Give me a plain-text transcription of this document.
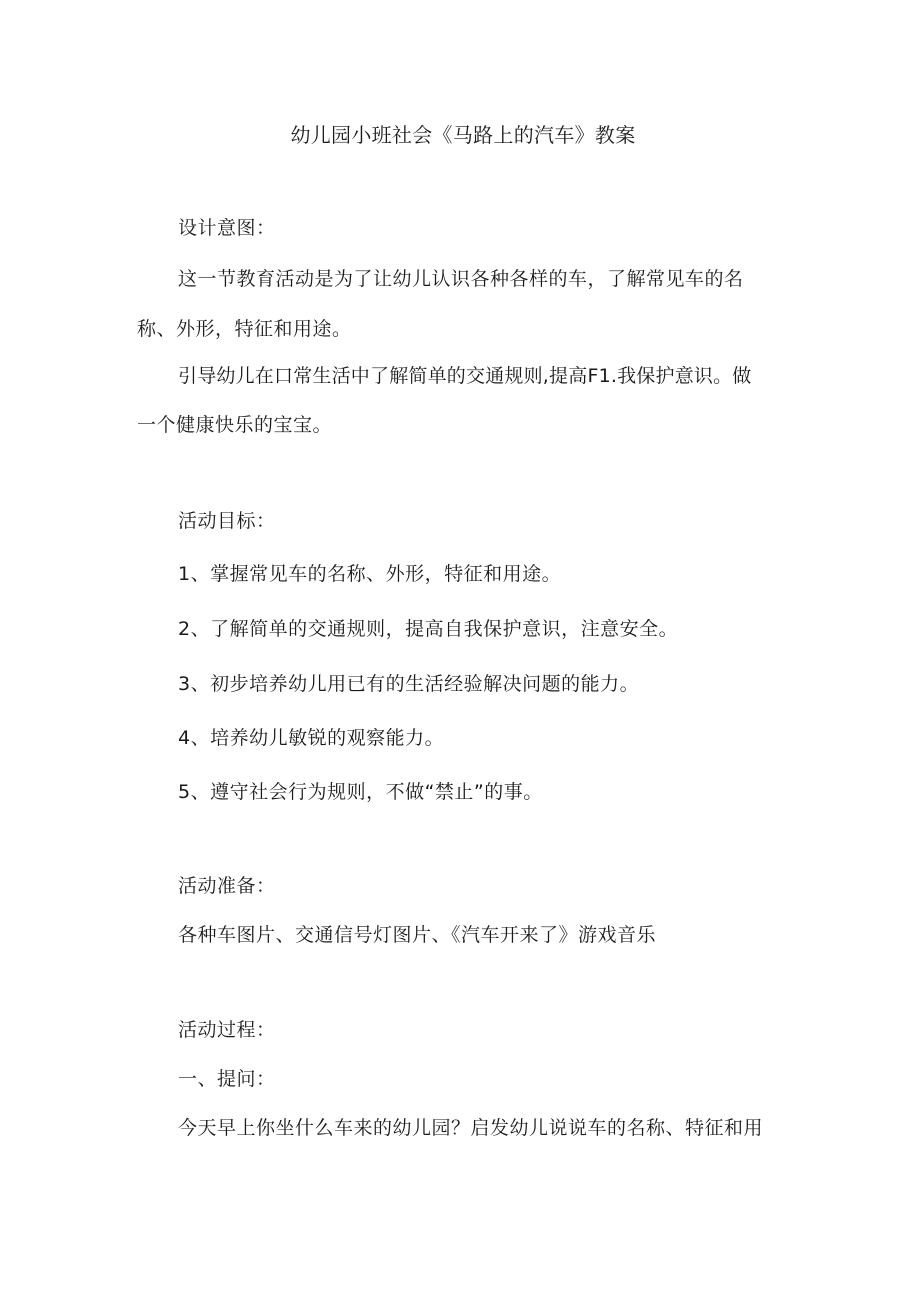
幼儿园小班社会《马路上的汽车》教案
设计意图：
这一节教育活动是为了让幼儿认识各种各样的车，了解常见车的名
称、外形，特征和用途。
引导幼儿在口常生活中了解简单的交通规则,提高F1.我保护意识。做
一个健康快乐的宝宝。
活动目标：
1、掌握常见车的名称、外形，特征和用途。
2、了解简单的交通规则，提高自我保护意识，注意安全。
3、初步培养幼儿用已有的生活经验解决问题的能力。
4、培养幼儿敏锐的观察能力。
5、遵守社会行为规则，不做“禁止”的事。
活动准备：
各种车图片、交通信号灯图片、《汽车开来了》游戏音乐
活动过程：
一、提问：
今天早上你坐什么车来的幼儿园？启发幼儿说说车的名称、特征和用
